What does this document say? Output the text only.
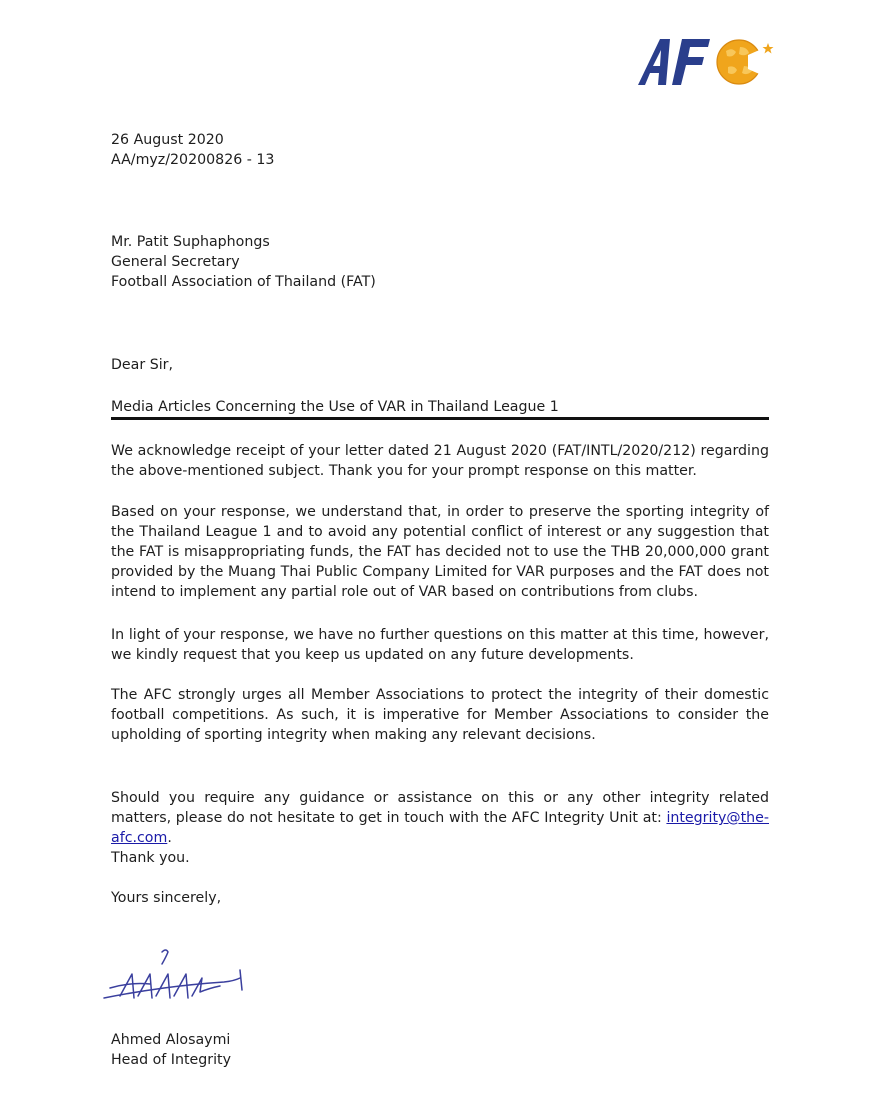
26 August 2020
AA/myz/20200826 - 13
Mr. Patit Suphaphongs
General Secretary
Football Association of Thailand (FAT)
Dear Sir,
Media Articles Concerning the Use of VAR in Thailand League 1
We acknowledge receipt of your letter dated 21 August 2020 (FAT/INTL/2020/212) regarding the above-mentioned subject. Thank you for your prompt response on this matter.
Based on your response, we understand that, in order to preserve the sporting integrity of the Thailand League 1 and to avoid any potential conflict of interest or any suggestion that the FAT is misappropriating funds, the FAT has decided not to use the THB 20,000,000 grant provided by the Muang Thai Public Company Limited for VAR purposes and the FAT does not intend to implement any partial role out of VAR based on contributions from clubs.
In light of your response, we have no further questions on this matter at this time, however, we kindly request that you keep us updated on any future developments.
The AFC strongly urges all Member Associations to protect the integrity of their domestic football competitions. As such, it is imperative for Member Associations to consider the upholding of sporting integrity when making any relevant decisions.
Should you require any guidance or assistance on this or any other integrity related matters, please do not hesitate to get in touch with the AFC Integrity Unit at: integrity@the-afc.com.
Thank you.
Yours sincerely,
Ahmed Alosaymi
Head of Integrity
